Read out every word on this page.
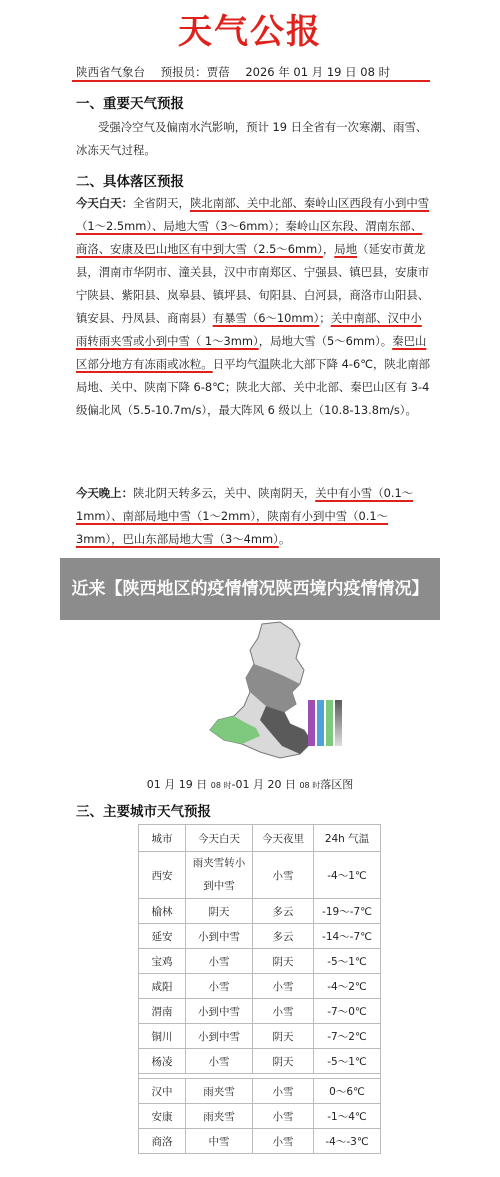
天气公报
陕西省气象台 预报员：贾蓓 2026 年 01 月 19 日 08 时
一、重要天气预报
受强冷空气及偏南水汽影响，预计 19 日全省有一次寒潮、雨雪、冰冻天气过程。
二、具体落区预报
今天白天：全省阴天，陕北南部、关中北部、秦岭山区西段有小到中雪（1～2.5mm）、局地大雪（3～6mm）；秦岭山区东段、渭南东部、商洛、安康及巴山地区有中到大雪（2.5～6mm），局地（延安市黄龙县，渭南市华阴市、潼关县，汉中市南郑区、宁强县、镇巴县，安康市宁陕县、紫阳县、岚皋县、镇坪县、旬阳县、白河县，商洛市山阳县、镇安县、丹凤县、商南县）有暴雪（6～10mm）；关中南部、汉中小雨转雨夹雪或小到中雪（ 1～3mm），局地大雪（5～6mm）。秦巴山区部分地方有冻雨或冰粒。日平均气温陕北大部下降 4-6℃，陕北南部局地、关中、陕南下降 6-8℃；陕北大部、关中北部、秦巴山区有 3-4 级偏北风（5.5-10.7m/s），最大阵风 6 级以上（10.8-13.8m/s）。
今天晚上：陕北阴天转多云，关中、陕南阴天，关中有小雪（0.1～1mm）、南部局地中雪（1～2mm），陕南有小到中雪（0.1～3mm），巴山东部局地大雪（3～4mm）。
近来【陕西地区的疫情情况陕西境内疫情情况】
01 月 19 日 08 时-01 月 20 日 08 时落区图
三、主要城市天气预报
城市	今天白天	今天夜里	24h 气温
西安	雨夹雪转小到中雪	小雪	-4～1℃
榆林	阴天	多云	-19～-7℃
延安	小到中雪	多云	-14～-7℃
宝鸡	小雪	阴天	-5～1℃
咸阳	小雪	小雪	-4～2℃
渭南	小到中雪	小雪	-7～0℃
铜川	小到中雪	阴天	-7～2℃
杨凌	小雪	阴天	-5～1℃

汉中	雨夹雪	小雪	0～6℃
安康	雨夹雪	小雪	-1～4℃
商洛	中雪	小雪	-4～-3℃
